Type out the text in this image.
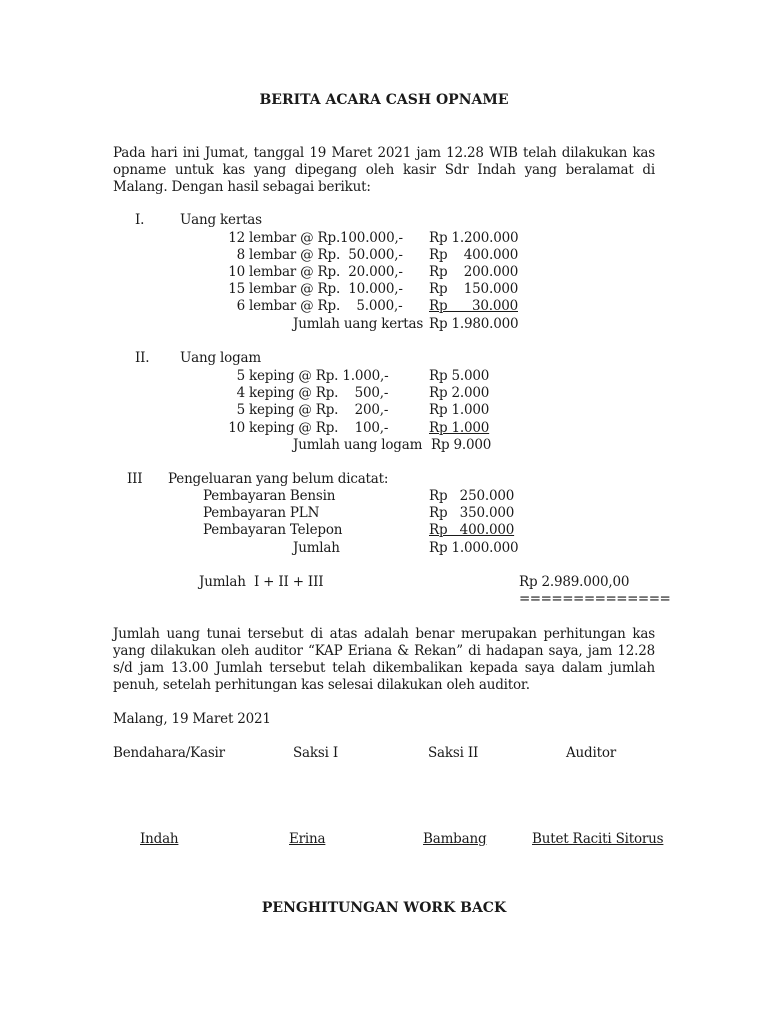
BERITA ACARA CASH OPNAME
Pada hari ini Jumat, tanggal 19 Maret 2021 jam 12.28 WIB telah dilakukan kas opname untuk kas yang dipegang oleh kasir Sdr Indah yang beralamat di Malang. Dengan hasil sebagai berikut:
I.	Uang kertas
12 lembar @ Rp.100.000,- Rp 1.200.000
8 lembar @ Rp.  50.000,- Rp    400.000
10 lembar @ Rp.  20.000,- Rp    200.000
15 lembar @ Rp.  10.000,- Rp    150.000
6 lembar @ Rp.    5.000,- Rp      30.000
Jumlah uang kertas Rp 1.980.000
II. Uang logam
5 keping @ Rp. 1.000,-	Rp 5.000
4 keping @ Rp.    500,-	Rp 2.000
5 keping @ Rp.    200,-	Rp 1.000
10 keping @ Rp.    100,-	Rp 1.000
Jumlah uang logam Rp 9.000
III Pengeluaran yang belum dicatat:
Pembayaran Bensin	Rp   250.000
Pembayaran PLN	Rp   350.000
Pembayaran Telepon	Rp   400.000
Jumlah	Rp 1.000.000
Jumlah  I + II + III	Rp 2.989.000,00
==============
Jumlah uang tunai tersebut di atas adalah benar merupakan perhitungan kas yang dilakukan oleh auditor “KAP Eriana & Rekan” di hadapan saya, jam 12.28 s/d jam 13.00 Jumlah tersebut telah dikembalikan kepada saya dalam jumlah penuh, setelah perhitungan kas selesai dilakukan oleh auditor.
Malang, 19 Maret 2021
Bendahara/Kasir	Saksi I	Saksi II	Auditor
Indah	Erina	Bambang	Butet Raciti Sitorus
PENGHITUNGAN WORK BACK
